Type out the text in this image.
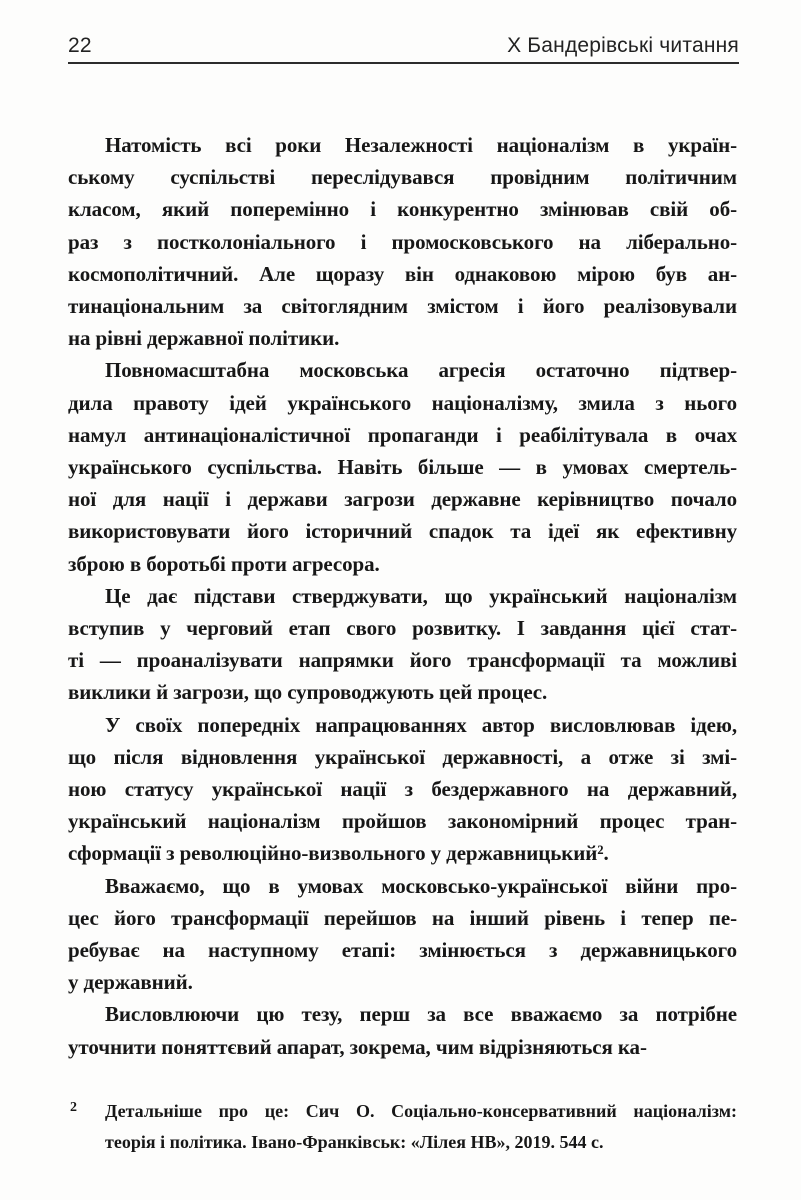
22	Х Бандерівські читання
Натомість всі роки Незалежності націоналізм в україн-
ському суспільстві переслідувався провідним політичним
класом, який поперемінно і конкурентно змінював свій об-
раз з постколоніального і промосковського на ліберально-
космополітичний. Але щоразу він однаковою мірою був ан-
тинаціональним за світоглядним змістом і його реалізовували
на рівні державної політики.
Повномасштабна московська агресія остаточно підтвер-
дила правоту ідей українського націоналізму, змила з нього
намул антинаціоналістичної пропаганди і реабілітувала в очах
українського суспільства. Навіть більше — в умовах смертель-
ної для нації і держави загрози державне керівництво почало
використовувати його історичний спадок та ідеї як ефективну
зброю в боротьбі проти агресора.
Це дає підстави стверджувати, що український націоналізм
вступив у черговий етап свого розвитку. І завдання цієї стат-
ті — проаналізувати напрямки його трансформації та можливі
виклики й загрози, що супроводжують цей процес.
У своїх попередніх напрацюваннях автор висловлював ідею,
що після відновлення української державності, а отже зі змі-
ною статусу української нації з бездержавного на державний,
український націоналізм пройшов закономірний процес тран-
сформації з революційно-визвольного у державницький².
Вважаємо, що в умовах московсько-української війни про-
цес його трансформації перейшов на інший рівень і тепер пе-
ребуває на наступному етапі: змінюється з державницького
у державний.
Висловлюючи цю тезу, перш за все вважаємо за потрібне
уточнити поняттєвий апарат, зокрема, чим відрізняються ка-
2 Детальніше про це: Сич О. Соціально-консервативний націоналізм:
теорія і політика. Івано-Франківськ: «Лілея НВ», 2019. 544 с.
